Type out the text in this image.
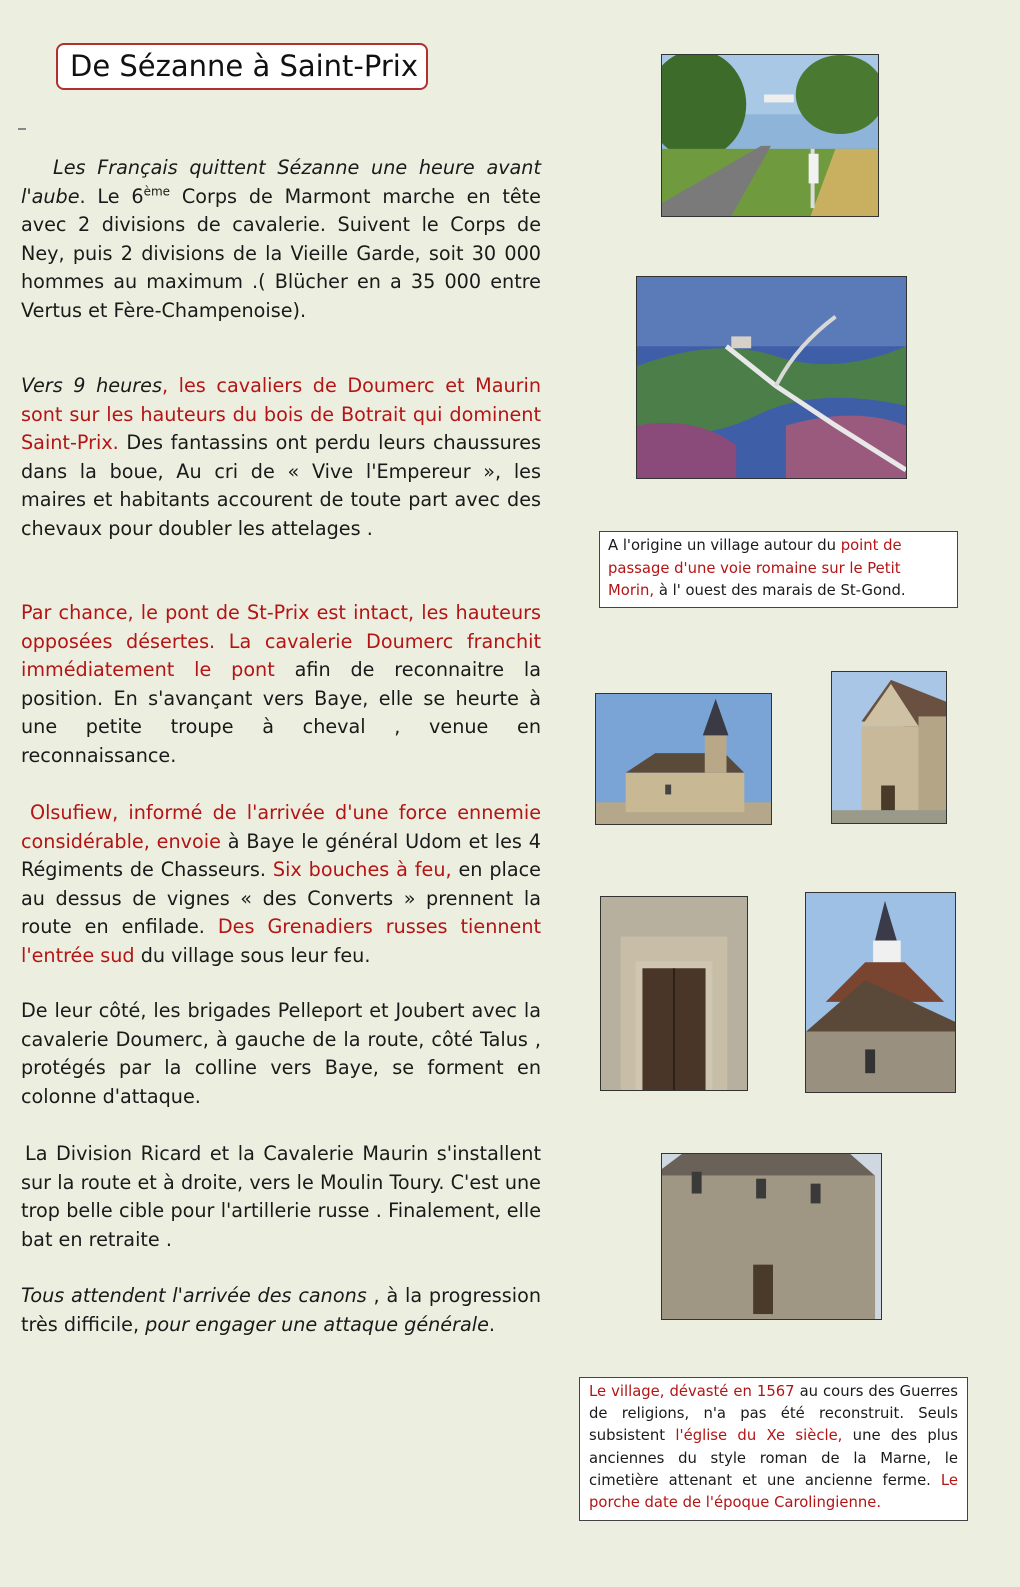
De Sézanne à Saint-Prix

Les Français quittent Sézanne une heure avant l'aube. Le 6ème Corps de Marmont marche en tête avec 2 divisions de cavalerie. Suivent le Corps de Ney, puis 2 divisions de la Vieille Garde, soit 30 000 hommes au maximum .( Blücher en a 35 000 entre Vertus et Fère-Champenoise).

Vers 9 heures, les cavaliers de Doumerc et Maurin sont sur les hauteurs du bois de Botrait qui dominent Saint-Prix. Des fantassins ont perdu leurs chaussures dans la boue, Au cri de « Vive l'Empereur », les maires et habitants accourent de toute part avec des chevaux pour doubler les attelages .

Par chance, le pont de St-Prix est intact, les hauteurs opposées désertes. La cavalerie Doumerc franchit immédiatement le pont afin de reconnaitre la position. En s'avançant vers Baye, elle se heurte à une petite troupe à cheval , venue en reconnaissance.

Olsufiew, informé de l'arrivée d'une force ennemie considérable, envoie à Baye le général Udom et les 4 Régiments de Chasseurs. Six bouches à feu, en place au dessus de vignes « des Converts » prennent la route en enfilade. Des Grenadiers russes tiennent l'entrée sud du village sous leur feu.

De leur côté, les brigades Pelleport et Joubert avec la cavalerie Doumerc, à gauche de la route, côté Talus , protégés par la colline vers Baye, se forment en colonne d'attaque.

La Division Ricard et la Cavalerie Maurin s'installent sur la route et à droite, vers le Moulin Toury. C'est une trop belle cible pour l'artillerie russe . Finalement, elle bat en retraite .

Tous attendent l'arrivée des canons , à la progression très difficile, pour engager une attaque générale.

A l'origine un village autour du point de passage d'une voie romaine sur le Petit Morin, à l' ouest des marais de St-Gond.
Le village, dévasté en 1567 au cours des Guerres de religions, n'a pas été reconstruit. Seuls subsistent l'église du Xe siècle, une des plus anciennes du style roman de la Marne, le cimetière attenant et une ancienne ferme. Le porche date de l'époque Carolingienne.
